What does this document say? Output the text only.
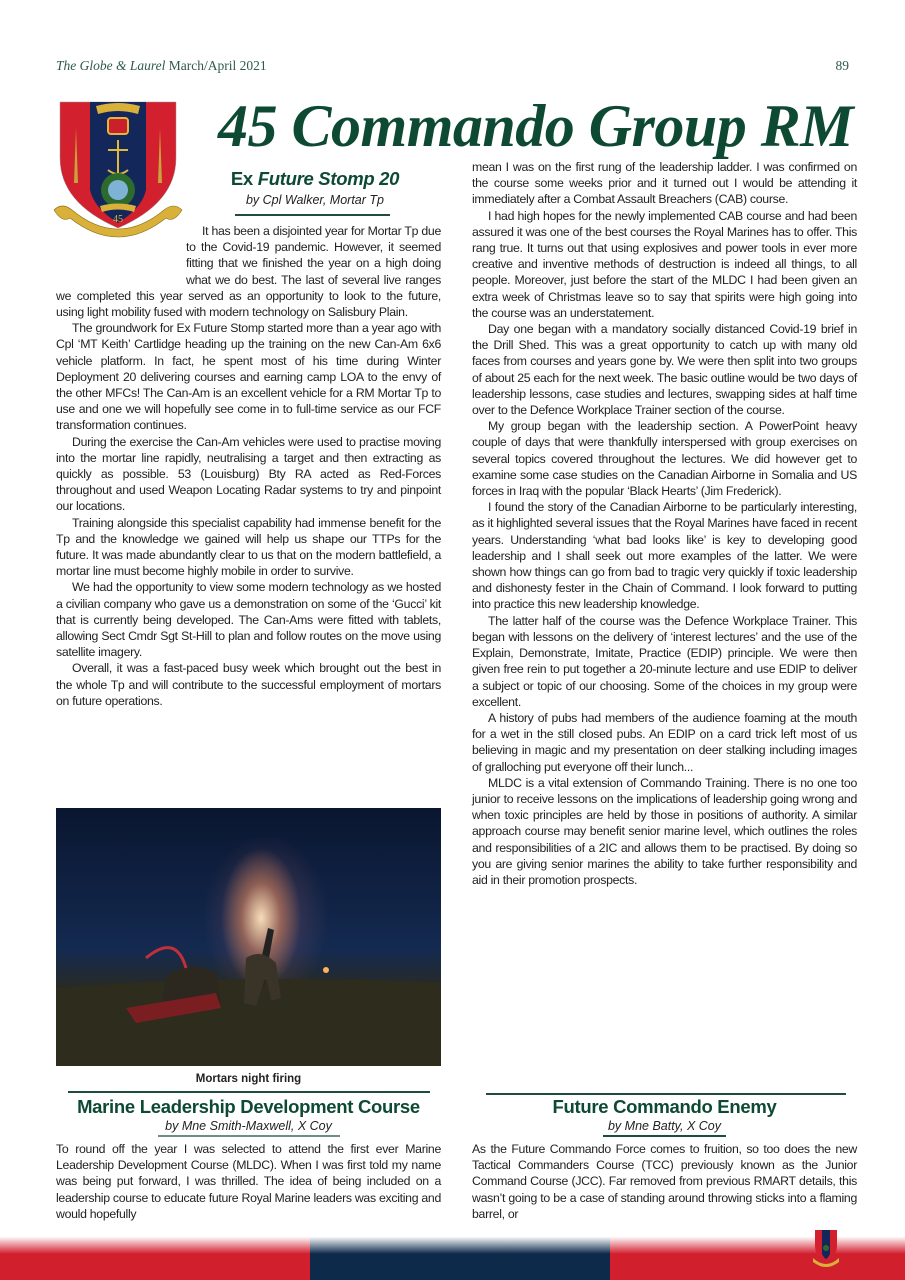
The Globe & Laurel March/April 2021	89
45
45 Commando Group RM
Ex Future Stomp 20
by Cpl Walker, Mortar Tp

It has been a disjointed year for Mortar Tp due to the Covid-19 pandemic. However, it seemed fitting that we finished the year on a high doing what we do best. The last of several live ranges we completed this year served as an opportunity to look to the future, using light mobility fused with modern technology on Salisbury Plain.

The groundwork for Ex Future Stomp started more than a year ago with Cpl ‘MT Keith’ Cartlidge heading up the training on the new Can-Am 6x6 vehicle platform. In fact, he spent most of his time during Winter Deployment 20 delivering courses and earning camp LOA to the envy of the other MFCs! The Can-Am is an excellent vehicle for a RM Mortar Tp to use and one we will hopefully see come in to full-time service as our FCF transformation continues.

During the exercise the Can-Am vehicles were used to practise moving into the mortar line rapidly, neutralising a target and then extracting as quickly as possible. 53 (Louisburg) Bty RA acted as Red-Forces throughout and used Weapon Locating Radar systems to try and pinpoint our locations.

Training alongside this specialist capability had immense benefit for the Tp and the knowledge we gained will help us shape our TTPs for the future. It was made abundantly clear to us that on the modern battlefield, a mortar line must become highly mobile in order to survive.

We had the opportunity to view some modern technology as we hosted a civilian company who gave us a demonstration on some of the ‘Gucci’ kit that is currently being developed. The Can-Ams were fitted with tablets, allowing Sect Cmdr Sgt St-Hill to plan and follow routes on the move using satellite imagery.

Overall, it was a fast-paced busy week which brought out the best in the whole Tp and will contribute to the successful employment of mortars on future operations.

Mortars night firing
Marine Leadership Development Course
by Mne Smith-Maxwell, X Coy

To round off the year I was selected to attend the first ever Marine Leadership Development Course (MLDC). When I was first told my name was being put forward, I was thrilled. The idea of being included on a leadership course to educate future Royal Marine leaders was exciting and would hopefully

mean I was on the first rung of the leadership ladder. I was confirmed on the course some weeks prior and it turned out I would be attending it immediately after a Combat Assault Breachers (CAB) course.

I had high hopes for the newly implemented CAB course and had been assured it was one of the best courses the Royal Marines has to offer. This rang true. It turns out that using explosives and power tools in ever more creative and inventive methods of destruction is indeed all things, to all people. Moreover, just before the start of the MLDC I had been given an extra week of Christmas leave so to say that spirits were high going into the course was an understatement.

Day one began with a mandatory socially distanced Covid-19 brief in the Drill Shed. This was a great opportunity to catch up with many old faces from courses and years gone by. We were then split into two groups of about 25 each for the next week. The basic outline would be two days of leadership lessons, case studies and lectures, swapping sides at half time over to the Defence Workplace Trainer section of the course.

My group began with the leadership section. A PowerPoint heavy couple of days that were thankfully interspersed with group exercises on several topics covered throughout the lectures. We did however get to examine some case studies on the Canadian Airborne in Somalia and US forces in Iraq with the popular ‘Black Hearts’ (Jim Frederick).

I found the story of the Canadian Airborne to be particularly interesting, as it highlighted several issues that the Royal Marines have faced in recent years. Understanding ‘what bad looks like’ is key to developing good leadership and I shall seek out more examples of the latter. We were shown how things can go from bad to tragic very quickly if toxic leadership and dishonesty fester in the Chain of Command. I look forward to putting into practice this new leadership knowledge.

The latter half of the course was the Defence Workplace Trainer. This began with lessons on the delivery of ‘interest lectures’ and the use of the Explain, Demonstrate, Imitate, Practice (EDIP) principle. We were then given free rein to put together a 20-minute lecture and use EDIP to deliver a subject or topic of our choosing. Some of the choices in my group were excellent.

A history of pubs had members of the audience foaming at the mouth for a wet in the still closed pubs. An EDIP on a card trick left most of us believing in magic and my presentation on deer stalking including images of gralloching put everyone off their lunch...

MLDC is a vital extension of Commando Training. There is no one too junior to receive lessons on the implications of leadership going wrong and when toxic principles are held by those in positions of authority. A similar approach course may benefit senior marine level, which outlines the roles and responsibilities of a 2IC and allows them to be practised. By doing so you are giving senior marines the ability to take further responsibility and aid in their promotion prospects.

Future Commando Enemy
by Mne Batty, X Coy

As the Future Commando Force comes to fruition, so too does the new Tactical Commanders Course (TCC) previously known as the Junior Command Course (JCC). Far removed from previous RMART details, this wasn’t going to be a case of standing around throwing sticks into a flaming barrel, or
